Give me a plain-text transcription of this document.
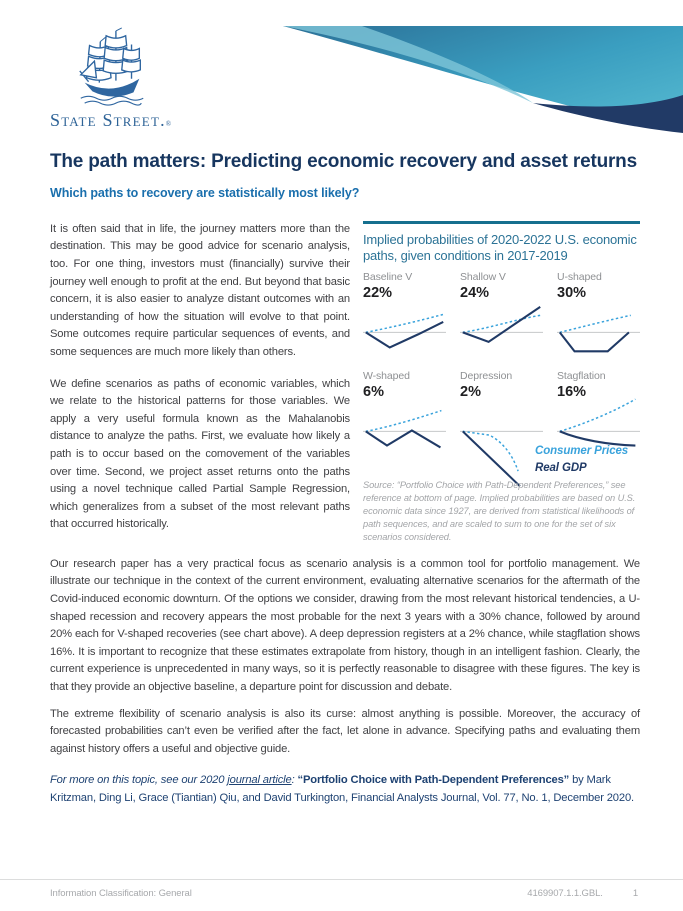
State Street.®
The path matters: Predicting economic recovery and asset returns
Which paths to recovery are statistically most likely?

It is often said that in life, the journey matters more than the destination. This may be good advice for scenario analysis, too. For one thing, investors must (financially) survive their journey well enough to profit at the end. But beyond that basic concern, it is also easier to analyze distant outcomes with an understanding of how the situation will evolve to that point. Some outcomes require particular sequences of events, and some sequences are much more likely than others.

We define scenarios as paths of economic variables, which we relate to the historical patterns for those variables. We apply a very useful formula known as the Mahalanobis distance to analyze the paths. First, we evaluate how likely a path is to occur based on the comovement of the variables over time. Second, we project asset returns onto the paths using a novel technique called Partial Sample Regression, which generalizes from a subset of the most relevant paths that occurred historically.

Implied probabilities of 2020-2022 U.S. economic paths, given conditions in 2017-2019
Baseline V
22%
Shallow V
24%
U-shaped
30%
W-shaped
6%
Depression
2%
Stagflation
16%
Consumer Prices
Real GDP
Source: “Portfolio Choice with Path-Dependent Preferences,” see reference at bottom of page. Implied probabilities are based on U.S. economic data since 1927, are derived from statistical likelihoods of path sequences, and are scaled to sum to one for the set of six scenarios considered.

Our research paper has a very practical focus as scenario analysis is a common tool for portfolio management. We illustrate our technique in the context of the current environment, evaluating alternative scenarios for the aftermath of the Covid-induced economic downturn. Of the options we consider, drawing from the most relevant historical tendencies, a U-shaped recession and recovery appears the most probable for the next 3 years with a 30% chance, followed by around 20% each for V-shaped recoveries (see chart above). A deep depression registers at a 2% chance, while stagflation shows 16%. It is important to recognize that these estimates extrapolate from history, though in an intelligent fashion. Clearly, the current experience is unprecedented in many ways, so it is perfectly reasonable to disagree with these figures. The key is that they provide an objective baseline, a departure point for discussion and debate.

The extreme flexibility of scenario analysis is also its curse: almost anything is possible. Moreover, the accuracy of forecasted probabilities can’t even be verified after the fact, let alone in advance. Specifying paths and evaluating them against history offers a useful and objective guide.

For more on this topic, see our 2020 journal article: “Portfolio Choice with Path-Dependent Preferences” by Mark Kritzman, Ding Li, Grace (Tiantian) Qiu, and David Turkington, Financial Analysts Journal, Vol. 77, No. 1, December 2020.
Information Classification: General	4169907.1.1.GBL.	1
